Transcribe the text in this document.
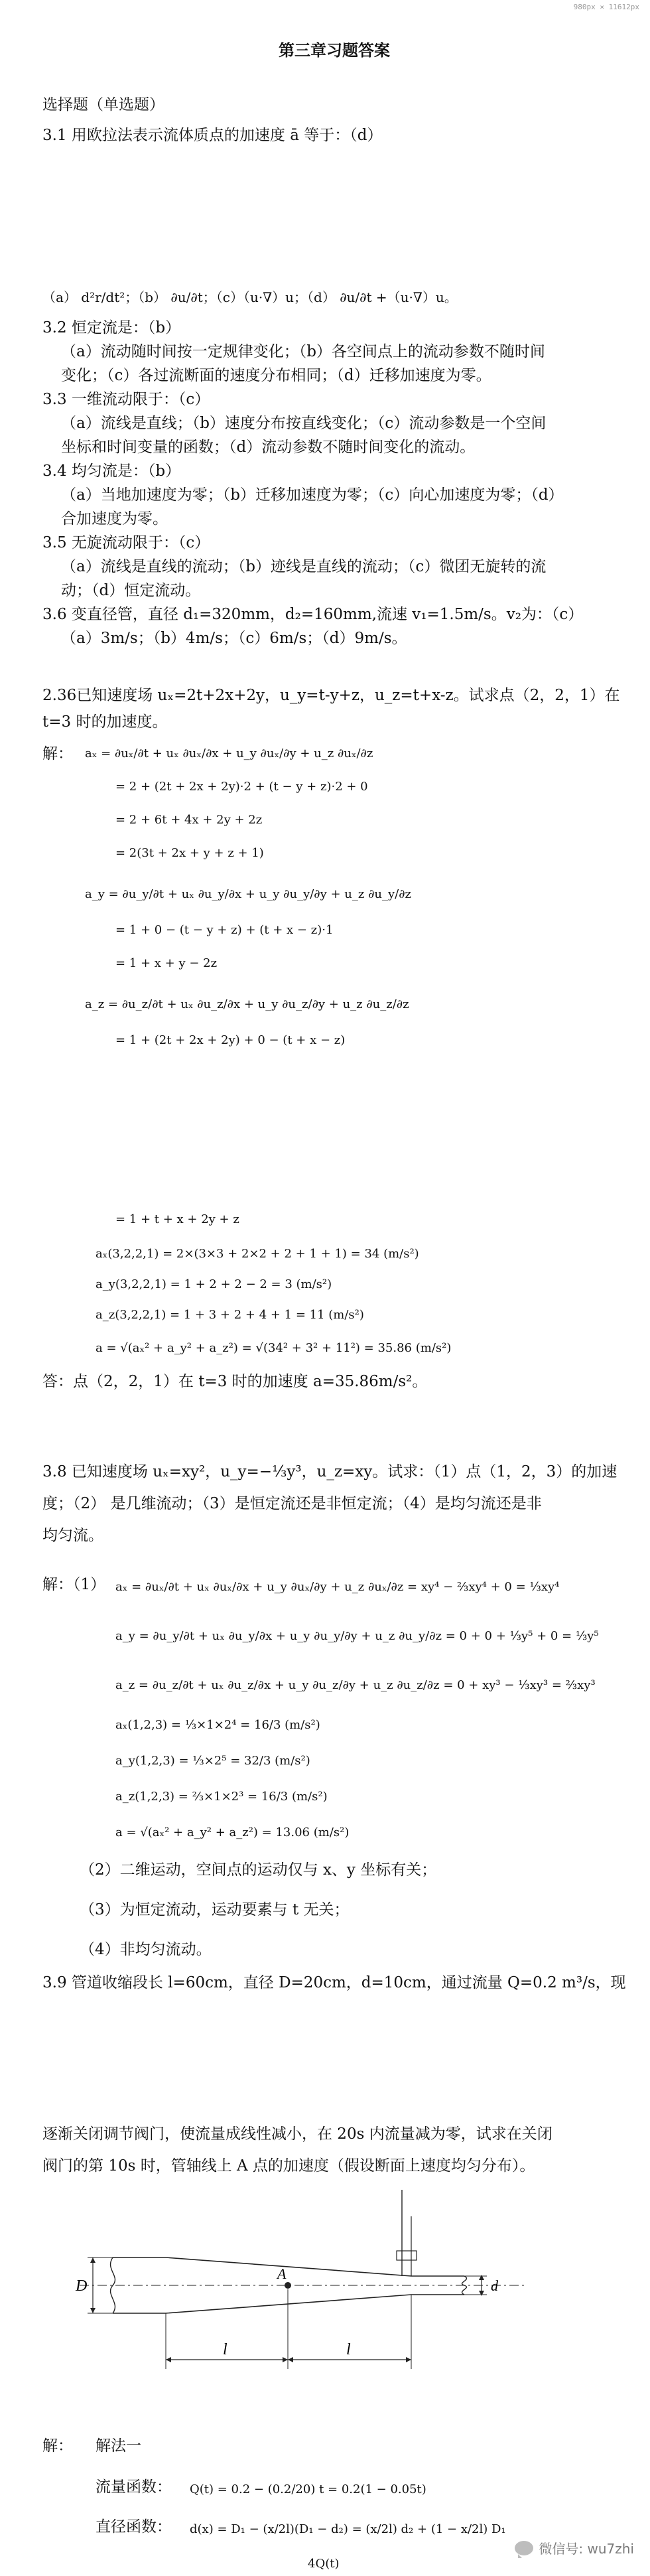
980px × 11612px
第三章习题答案
选择题（单选题）
3.1 用欧拉法表示流体质点的加速度 ā 等于：（d）
（a） d²r/dt²；（b） ∂u/∂t；（c）（u·∇）u；（d） ∂u/∂t +（u·∇）u。
3.2 恒定流是：（b）
（a）流动随时间按一定规律变化；（b）各空间点上的流动参数不随时间
变化；（c）各过流断面的速度分布相同；（d）迁移加速度为零。
3.3 一维流动限于：（c）
（a）流线是直线；（b）速度分布按直线变化；（c）流动参数是一个空间
坐标和时间变量的函数；（d）流动参数不随时间变化的流动。
3.4 均匀流是：（b）
（a）当地加速度为零；（b）迁移加速度为零；（c）向心加速度为零；（d）
合加速度为零。
3.5 无旋流动限于：（c）
（a）流线是直线的流动；（b）迹线是直线的流动；（c）微团无旋转的流
动；（d）恒定流动。
3.6 变直径管，直径 d₁=320mm，d₂=160mm,流速 v₁=1.5m/s。v₂为：（c）
（a）3m/s；（b）4m/s；（c）6m/s；（d）9m/s。
2.36已知速度场 uₓ=2t+2x+2y，u_y=t-y+z，u_z=t+x-z。试求点（2，2，1）在
t=3 时的加速度。
解： aₓ = ∂uₓ/∂t + uₓ ∂uₓ/∂x + u_y ∂uₓ/∂y + u_z ∂uₓ/∂z
= 2 + (2t + 2x + 2y)·2 + (t − y + z)·2 + 0
= 2 + 6t + 4x + 2y + 2z
= 2(3t + 2x + y + z + 1)
a_y = ∂u_y/∂t + uₓ ∂u_y/∂x + u_y ∂u_y/∂y + u_z ∂u_y/∂z
= 1 + 0 − (t − y + z) + (t + x − z)·1
= 1 + x + y − 2z
a_z = ∂u_z/∂t + uₓ ∂u_z/∂x + u_y ∂u_z/∂y + u_z ∂u_z/∂z
= 1 + (2t + 2x + 2y) + 0 − (t + x − z)
= 1 + t + x + 2y + z
aₓ(3,2,2,1) = 2×(3×3 + 2×2 + 2 + 1 + 1) = 34 (m/s²)
a_y(3,2,2,1) = 1 + 2 + 2 − 2 = 3 (m/s²)
a_z(3,2,2,1) = 1 + 3 + 2 + 4 + 1 = 11 (m/s²)
a = √(aₓ² + a_y² + a_z²) = √(34² + 3² + 11²) = 35.86 (m/s²)
答：点（2，2，1）在 t=3 时的加速度 a=35.86m/s²。
3.8 已知速度场 uₓ=xy²，u_y=−⅓y³，u_z=xy。试求：（1）点（1，2，3）的加速
度；（2） 是几维流动；（3）是恒定流还是非恒定流；（4）是均匀流还是非
均匀流。
解：（1） aₓ = ∂uₓ/∂t + uₓ ∂uₓ/∂x + u_y ∂uₓ/∂y + u_z ∂uₓ/∂z = xy⁴ − ⅔xy⁴ + 0 = ⅓xy⁴
a_y = ∂u_y/∂t + uₓ ∂u_y/∂x + u_y ∂u_y/∂y + u_z ∂u_y/∂z = 0 + 0 + ⅓y⁵ + 0 = ⅓y⁵
a_z = ∂u_z/∂t + uₓ ∂u_z/∂x + u_y ∂u_z/∂y + u_z ∂u_z/∂z = 0 + xy³ − ⅓xy³ = ⅔xy³
aₓ(1,2,3) = ⅓×1×2⁴ = 16/3 (m/s²)
a_y(1,2,3) = ⅓×2⁵ = 32/3 (m/s²)
a_z(1,2,3) = ⅔×1×2³ = 16/3 (m/s²)
a = √(aₓ² + a_y² + a_z²) = 13.06 (m/s²)
（2）二维运动，空间点的运动仅与 x、y 坐标有关；
（3）为恒定流动，运动要素与 t 无关；
（4）非均匀流动。
3.9 管道收缩段长 l=60cm，直径 D=20cm，d=10cm，通过流量 Q=0.2 m³/s，现
逐渐关闭调节阀门，使流量成线性减小，在 20s 内流量减为零，试求在关闭
阀门的第 10s 时，管轴线上 A 点的加速度（假设断面上速度均匀分布）。
D	d
A
l	l
解： 解法一
流量函数： Q(t) = 0.2 − (0.2/20) t = 0.2(1 − 0.05t)
直径函数： d(x) = D₁ − (x/2l)(D₁ − d₂) = (x/2l) d₂ + (1 − x/2l) D₁
4Q(t)
微信号: wu7zhi
